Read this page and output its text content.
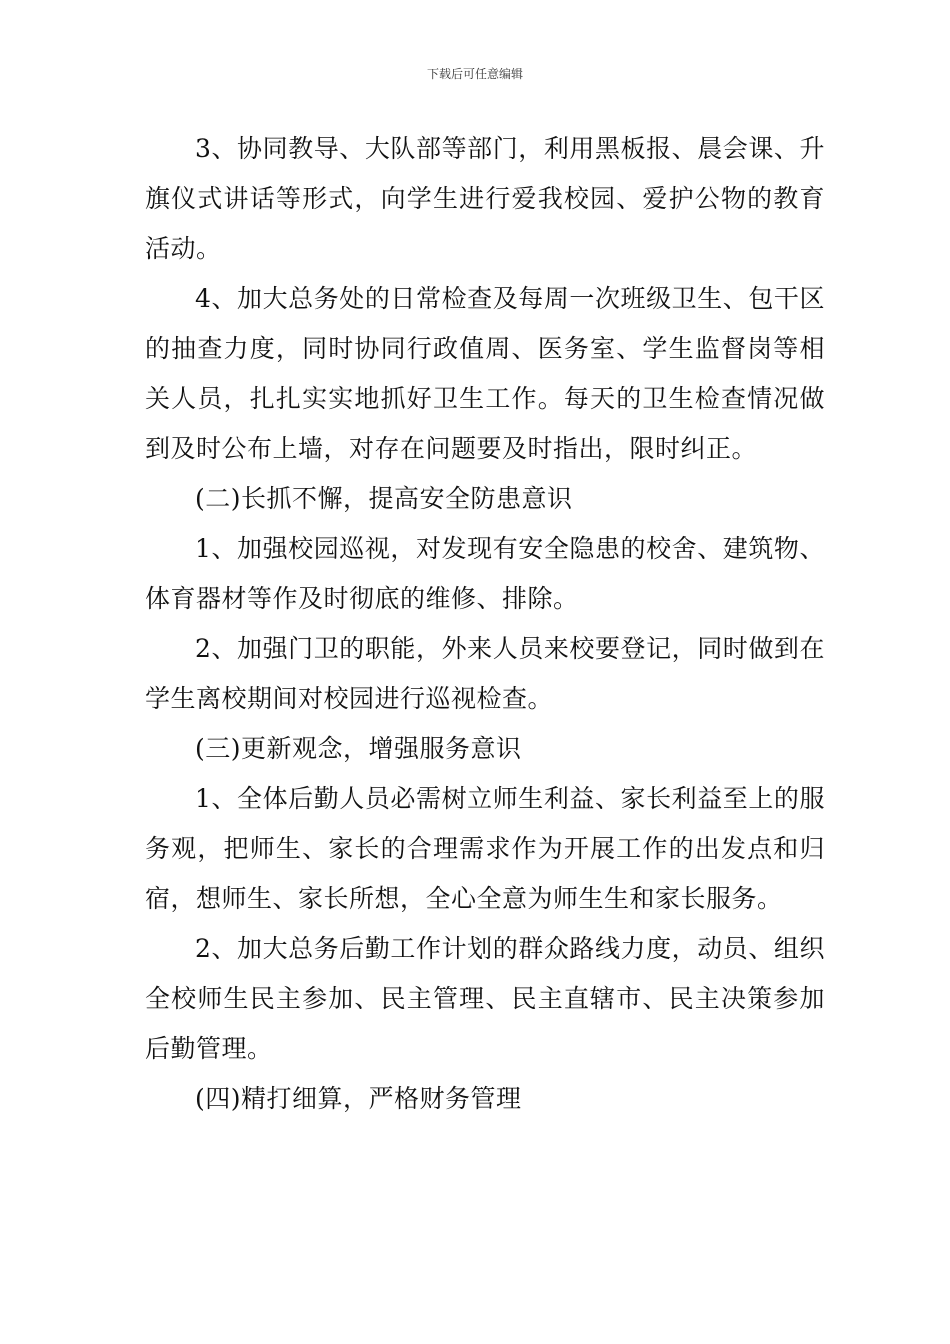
下载后可任意编辑

3、协同教导、大队部等部门，利用黑板报、晨会课、升旗仪式讲话等形式，向学生进行爱我校园、爱护公物的教育活动。

4、加大总务处的日常检查及每周一次班级卫生、包干区的抽查力度，同时协同行政值周、医务室、学生监督岗等相关人员，扎扎实实地抓好卫生工作。每天的卫生检查情况做到及时公布上墙，对存在问题要及时指出，限时纠正。

(二)长抓不懈，提高安全防患意识

1、加强校园巡视，对发现有安全隐患的校舍、建筑物、体育器材等作及时彻底的维修、排除。

2、加强门卫的职能，外来人员来校要登记，同时做到在学生离校期间对校园进行巡视检查。

(三)更新观念，增强服务意识

1、全体后勤人员必需树立师生利益、家长利益至上的服务观，把师生、家长的合理需求作为开展工作的出发点和归宿，想师生、家长所想，全心全意为师生生和家长服务。

2、加大总务后勤工作计划的群众路线力度，动员、组织全校师生民主参加、民主管理、民主直辖市、民主决策参加后勤管理。

(四)精打细算，严格财务管理
